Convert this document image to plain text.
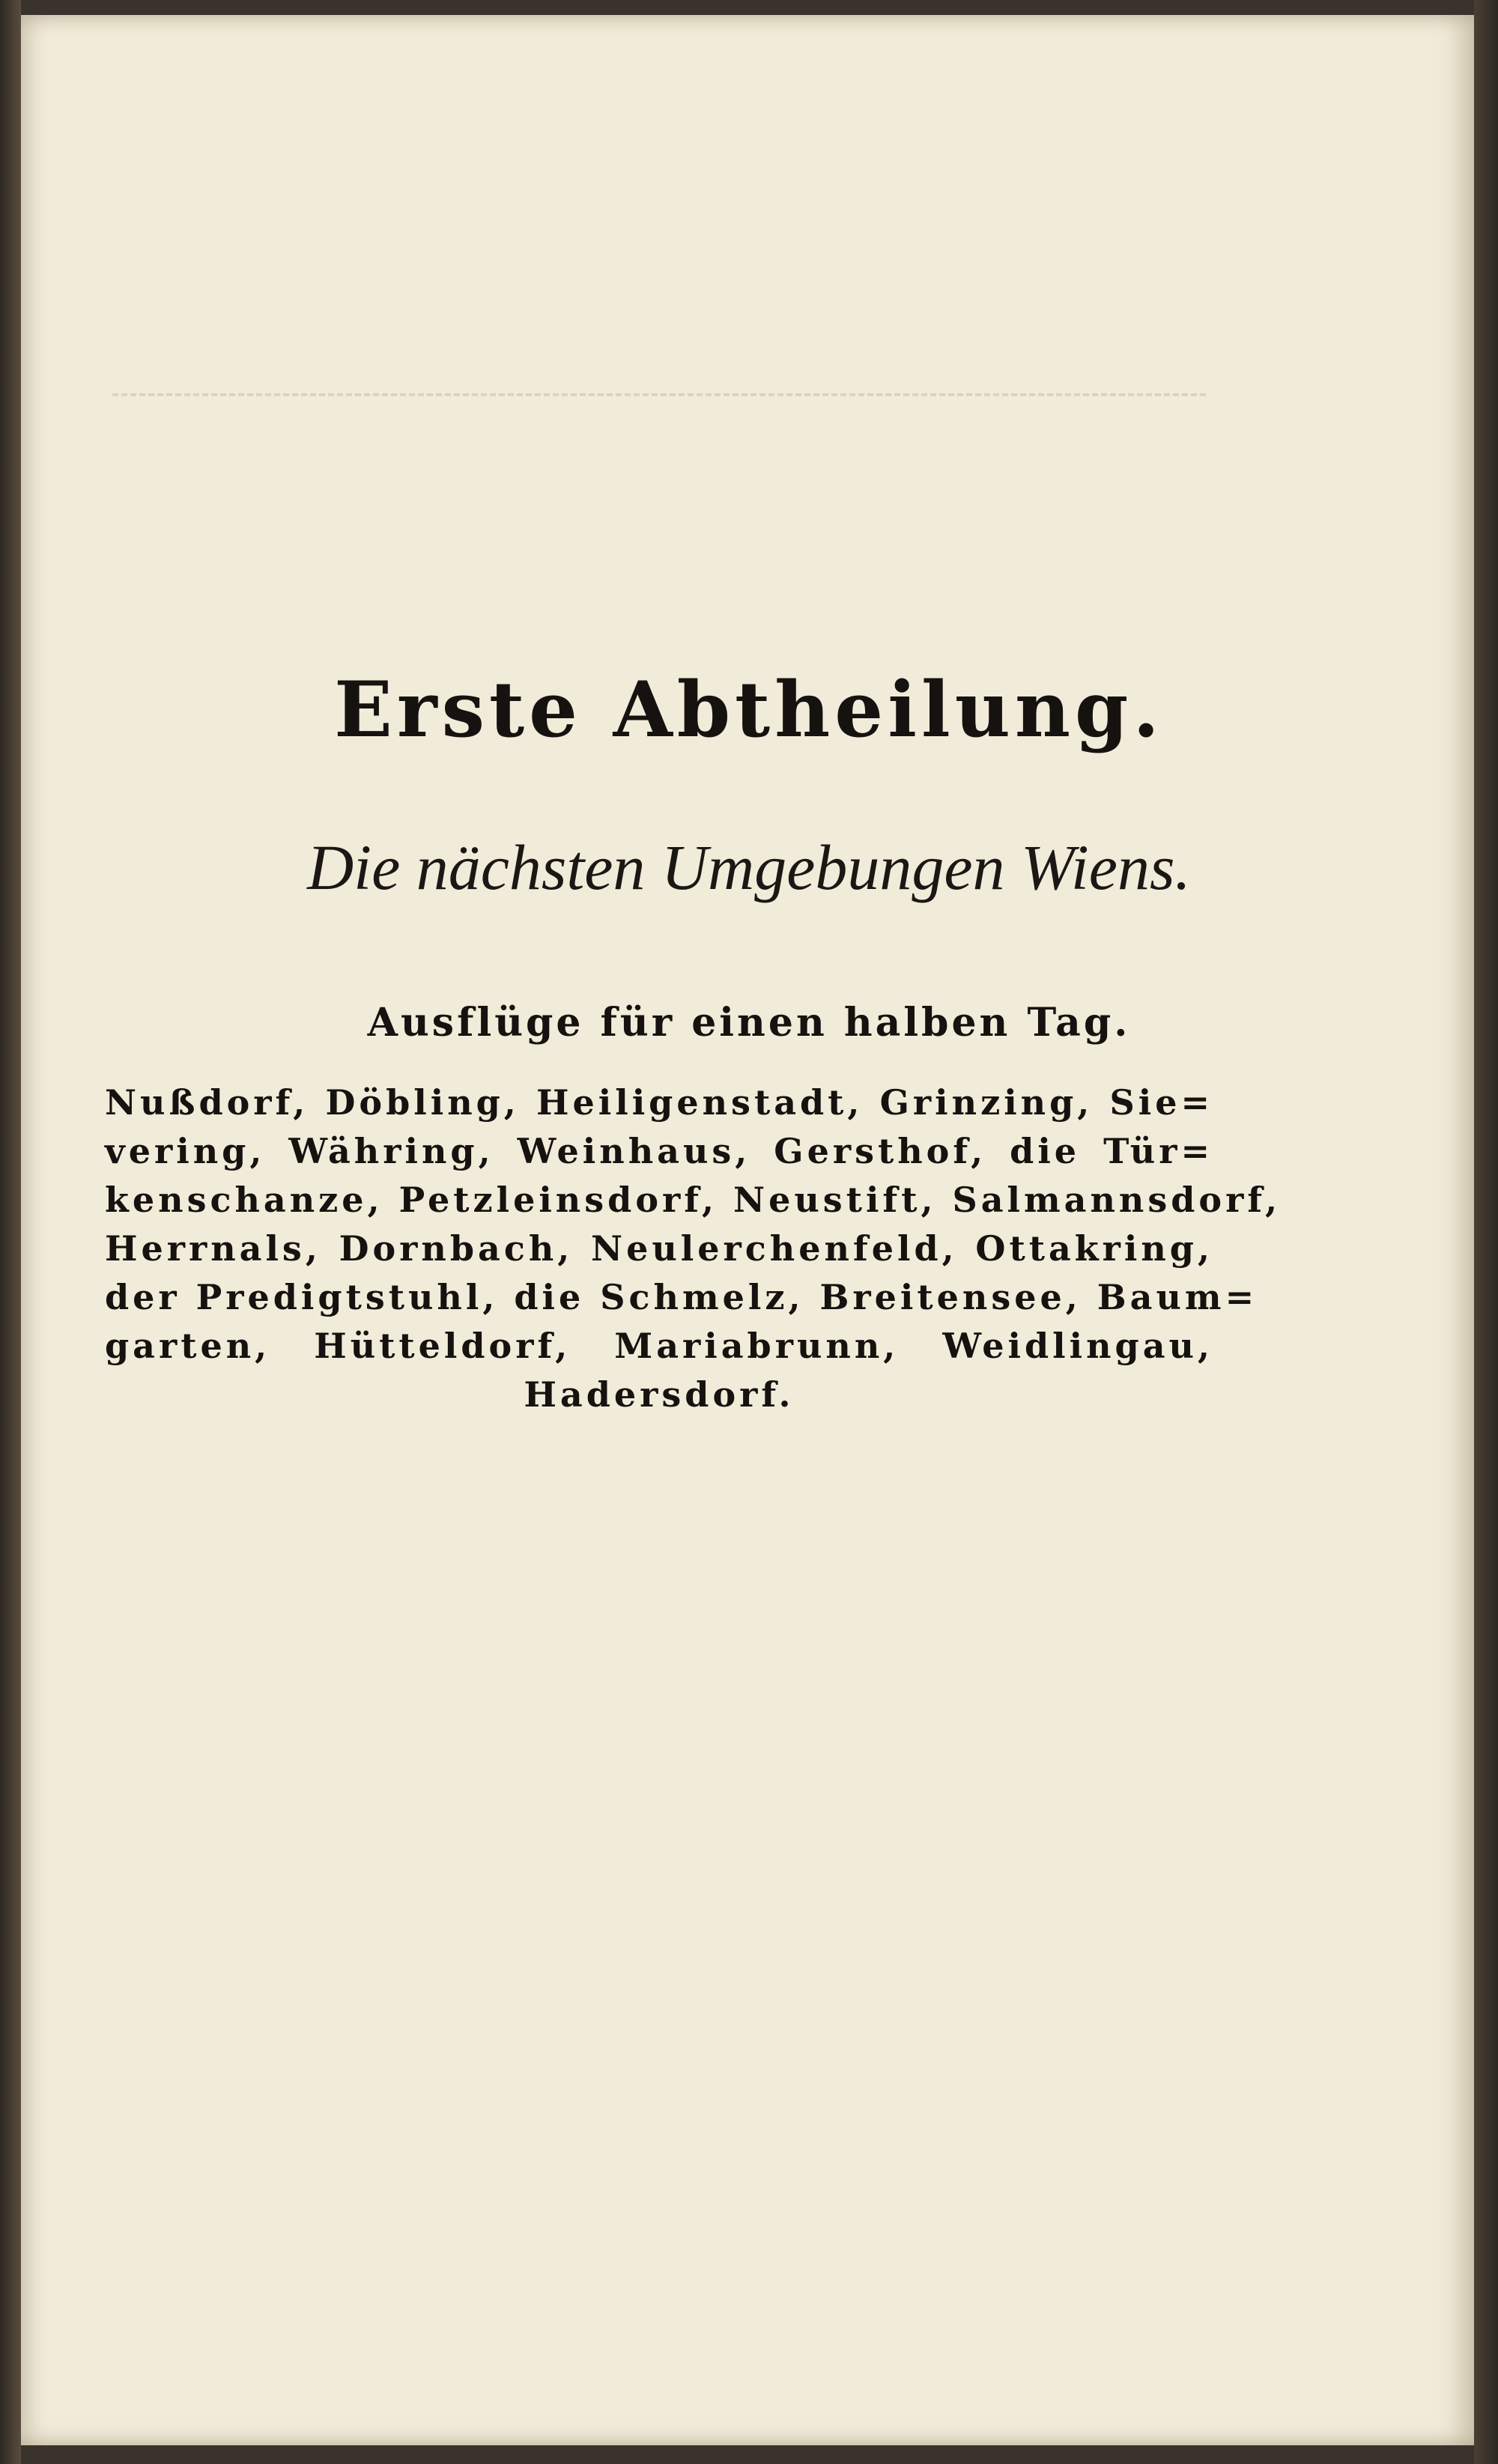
Erste Abtheilung.
Die nächsten Umgebungen Wiens.
Ausflüge für einen halben Tag.
Nußdorf, Döbling, Heiligenstadt, Grinzing, Sie=
vering, Währing, Weinhaus, Gersthof, die Tür=
kenschanze, Petzleinsdorf, Neustift, Salmannsdorf,
Herrnals, Dornbach, Neulerchenfeld, Ottakring,
der Predigtstuhl, die Schmelz, Breitensee, Baum=
garten, Hütteldorf, Mariabrunn, Weidlingau,
Hadersdorf.
